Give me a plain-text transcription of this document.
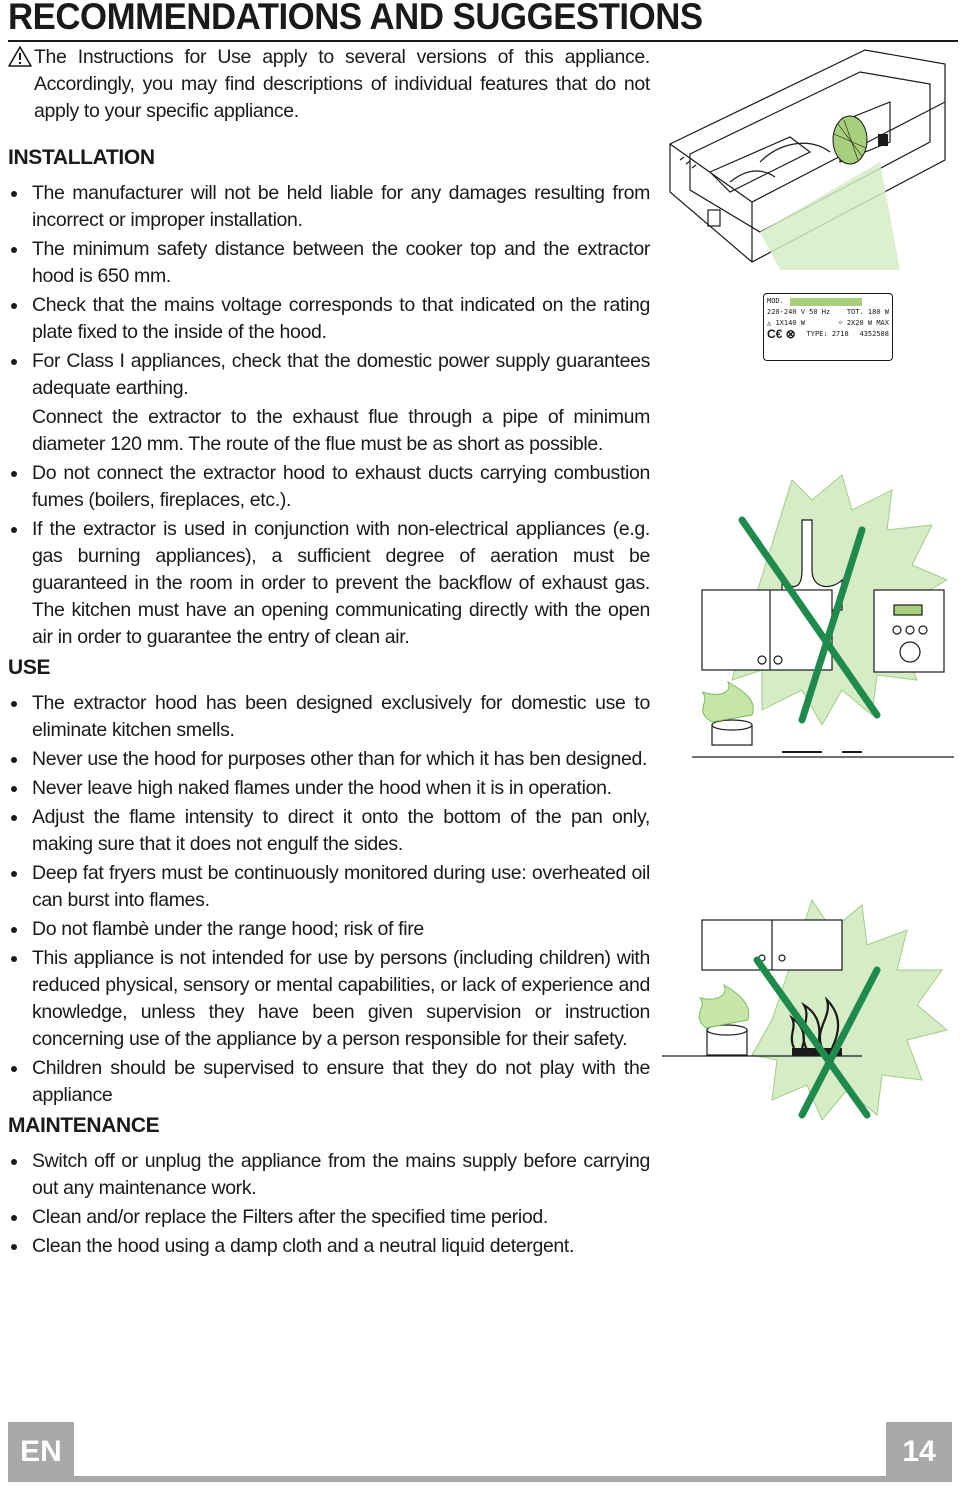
RECOMMENDATIONS AND SUGGESTIONS

The Instructions for Use apply to several versions of this appliance. Accordingly, you may find descriptions of individual features that do not apply to your specific appliance.

INSTALLATION

The manufacturer will not be held liable for any damages resulting from incorrect or improper installation.
The minimum safety distance between the cooker top and the extractor hood is 650 mm.
Check that the mains voltage corresponds to that indicated on the rating plate fixed to the inside of the hood.
For Class I appliances, check that the domestic power supply guarantees adequate earthing.
Connect the extractor to the exhaust flue through a pipe of minimum diameter 120 mm. The route of the flue must be as short as possible.
Do not connect the extractor hood to exhaust ducts carrying combustion fumes (boilers, fireplaces, etc.).
If the extractor is used in conjunction with non-electrical appliances (e.g. gas burning appliances), a sufficient degree of aeration must be guaranteed in the room in order to prevent the backflow of exhaust gas. The kitchen must have an opening communicating directly with the open air in order to guarantee the entry of clean air.

USE

The extractor hood has been designed exclusively for domestic use to eliminate kitchen smells.
Never use the hood for purposes other than for which it has ben designed.
Never leave high naked flames under the hood when it is in operation.
Adjust the flame intensity to direct it onto the bottom of the pan only, making sure that it does not engulf the sides.
Deep fat fryers must be continuously monitored during use: overheated oil can burst into flames.
Do not flambè under the range hood; risk of fire
This appliance is not intended for use by persons (including children) with reduced physical, sensory or mental capabilities, or lack of experience and knowledge, unless they have been given supervision or instruction concerning use of the appliance by a person responsible for their safety.
Children should be supervised to ensure that they do not play with the appliance

MAINTENANCE

Switch off or unplug the appliance from the mains supply before carrying out any maintenance work.
Clean and/or replace the Filters after the specified time period.
Clean the hood using a damp cloth and a neutral liquid detergent.
MOD.
220-240 V 50 Hz TOT. 180 W
◬ 1X140 W	☼ 2X20 W MAX
C€ ⊗ TYPE: 2718 4352508
EN	14
